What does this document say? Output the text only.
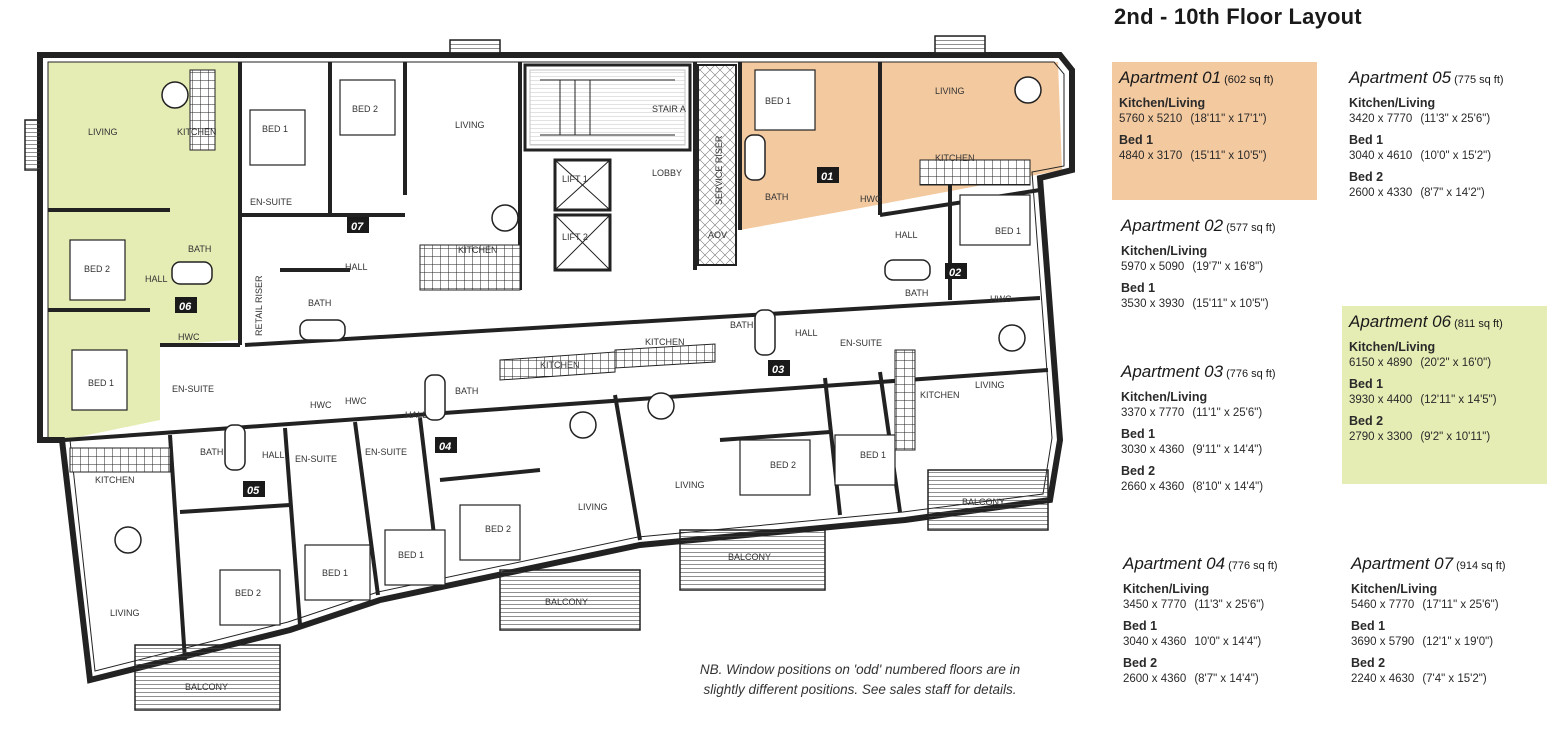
LIVING	KITCHEN
BED 2
HALL
BATH
BED 1
EN-SUITE
HWC
BED 1
BED 2
LIVING
KITCHEN
EN-SUITE
HALL
BATH
LOBBY
STAIR A
LIFT 1
LIFT 2	AOV
BED 1
LIVING
KITCHEN
BATH	HWC
HALL	BED 1
BATH
HWC
LIVING
KITCHEN
EN-SUITE
HALL
BATH
KITCHEN
BED 2
BED 1
LIVING
LIVING
KITCHEN
BATH
HALL
BED 2
BED 1
BED 1
EN-SUITE
EN-SUITE
HALL
BATH
KITCHEN
BED 2
LIVING
HWC HWC
BALCONY
BALCONY
BALCONY
BALCONY
RETAIL RISER
SERVICE RISER	01
02
03
04
05
06
07
2nd - 10th Floor Layout
Apartment 01 (602 sq ft)
Kitchen/Living
5760 x 5210 (18'11" x 17'1")
Bed 1
4840 x 3170 (15'11" x 10'5")
Apartment 05 (775 sq ft)
Kitchen/Living
3420 x 7770 (11'3" x 25'6")
Bed 1
3040 x 4610 (10'0" x 15'2")
Bed 2
2600 x 4330 (8'7" x 14'2")
Apartment 02 (577 sq ft)
Kitchen/Living
5970 x 5090 (19'7" x 16'8")
Bed 1
3530 x 3930 (15'11" x 10'5")
Apartment 06 (811 sq ft)
Kitchen/Living
6150 x 4890 (20'2" x 16'0")
Bed 1
3930 x 4400 (12'11" x 14'5")
Bed 2
2790 x 3300 (9'2" x 10'11")
Apartment 03 (776 sq ft)
Kitchen/Living
3370 x 7770 (11'1" x 25'6")
Bed 1
3030 x 4360 (9'11" x 14'4")
Bed 2
2660 x 4360 (8'10" x 14'4")
Apartment 04 (776 sq ft)
Kitchen/Living
3450 x 7770 (11'3" x 25'6")
Bed 1
3040 x 4360 10'0" x 14'4")
Bed 2
2600 x 4360 (8'7" x 14'4")
Apartment 07 (914 sq ft)
Kitchen/Living
5460 x 7770 (17'11" x 25'6")
Bed 1
3690 x 5790 (12'1" x 19'0")
Bed 2
2240 x 4630 (7'4" x 15'2")
NB. Window positions on 'odd' numbered floors are in
slightly different positions. See sales staff for details.
